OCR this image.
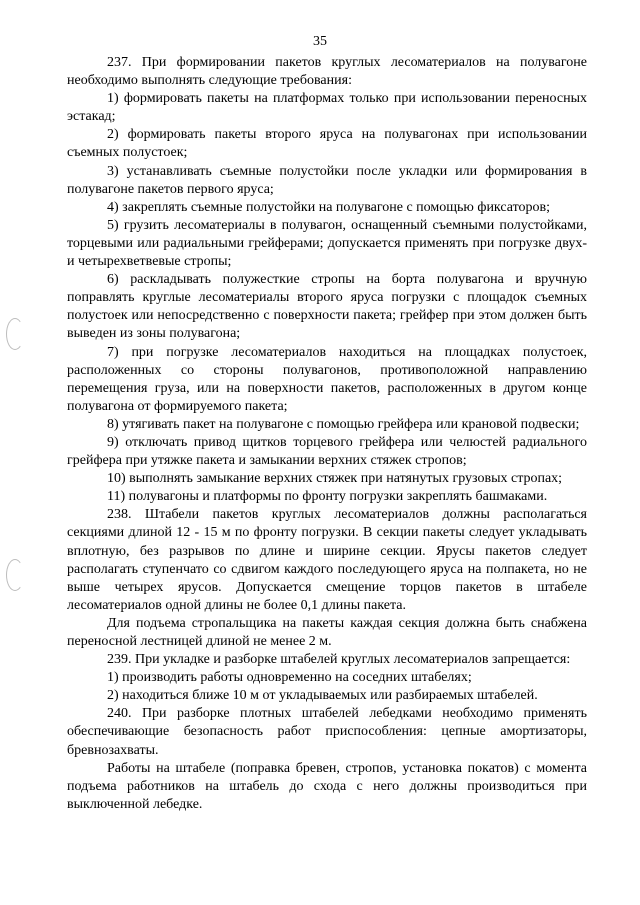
35

237. При формировании пакетов круглых лесоматериалов на полувагоне необходимо выполнять следующие требования:

1) формировать пакеты на платформах только при использовании переносных эстакад;

2) формировать пакеты второго яруса на полувагонах при использовании съемных полустоек;

3) устанавливать съемные полустойки после укладки или формирования в полувагоне пакетов первого яруса;

4) закреплять съемные полустойки на полувагоне с помощью фиксаторов;

5) грузить лесоматериалы в полувагон, оснащенный съемными полустойками, торцевыми или радиальными грейферами; допускается применять при погрузке двух- и четырехветвевые стропы;

6) раскладывать полужесткие стропы на борта полувагона и вручную поправлять круглые лесоматериалы второго яруса погрузки с площадок съемных полустоек или непосредственно с поверхности пакета; грейфер при этом должен быть выведен из зоны полувагона;

7) при погрузке лесоматериалов находиться на площадках полустоек, расположенных со стороны полувагонов, противоположной направлению перемещения груза, или на поверхности пакетов, расположенных в другом конце полувагона от формируемого пакета;

8) утягивать пакет на полувагоне с помощью грейфера или крановой подвески;

9) отключать привод щитков торцевого грейфера или челюстей радиального грейфера при утяжке пакета и замыкании верхних стяжек стропов;

10) выполнять замыкание верхних стяжек при натянутых грузовых стропах;

11) полувагоны и платформы по фронту погрузки закреплять башмаками.

238. Штабели пакетов круглых лесоматериалов должны располагаться секциями длиной 12 - 15 м по фронту погрузки. В секции пакеты следует укладывать вплотную, без разрывов по длине и ширине секции. Ярусы пакетов следует располагать ступенчато со сдвигом каждого последующего яруса на полпакета, но не выше четырех ярусов. Допускается смещение торцов пакетов в штабеле лесоматериалов одной длины не более 0,1 длины пакета.

Для подъема стропальщика на пакеты каждая секция должна быть снабжена переносной лестницей длиной не менее 2 м.

239. При укладке и разборке штабелей круглых лесоматериалов запрещается:

1) производить работы одновременно на соседних штабелях;

2) находиться ближе 10 м от укладываемых или разбираемых штабелей.

240. При разборке плотных штабелей лебедками необходимо применять обеспечивающие безопасность работ приспособления: цепные амортизаторы, бревнозахваты.

Работы на штабеле (поправка бревен, стропов, установка покатов) с момента подъема работников на штабель до схода с него должны производиться при выключенной лебедке.
